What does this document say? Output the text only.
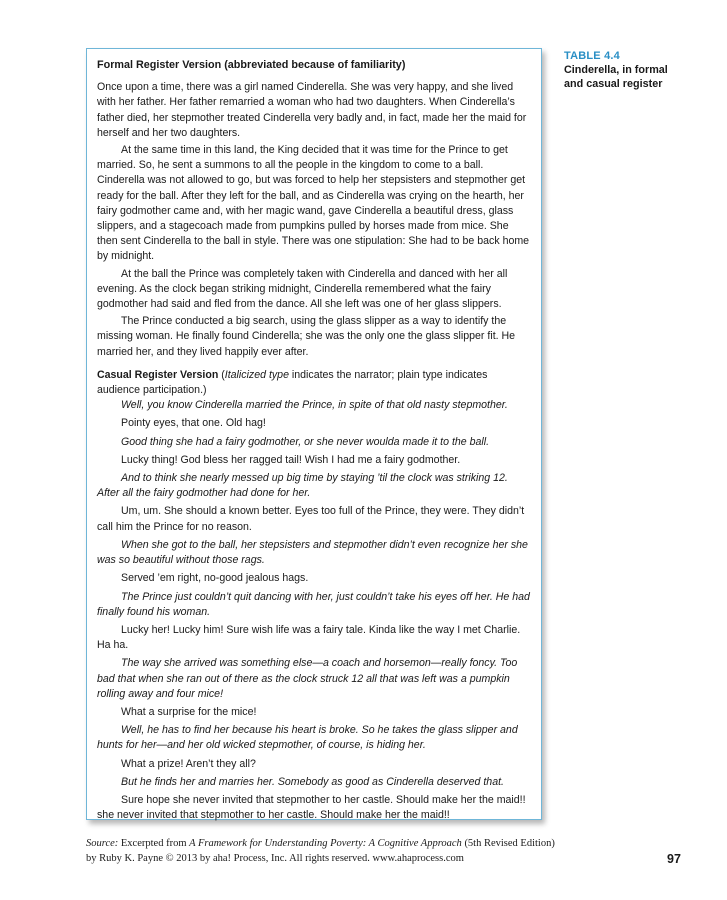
Formal Register Version (abbreviated because of familiarity)

Once upon a time, there was a girl named Cinderella. She was very happy, and she lived with her father. Her father remarried a woman who had two daughters. When Cinderella’s father died, her stepmother treated Cinderella very badly and, in fact, made her the maid for herself and her two daughters.

At the same time in this land, the King decided that it was time for the Prince to get married. So, he sent a summons to all the people in the kingdom to come to a ball. Cinderella was not allowed to go, but was forced to help her stepsisters and stepmother get ready for the ball. After they left for the ball, and as Cinderella was crying on the hearth, her fairy godmother came and, with her magic wand, gave Cinderella a beautiful dress, glass slippers, and a stagecoach made from pumpkins pulled by horses made from mice. She then sent Cinderella to the ball in style. There was one stipulation: She had to be back home by midnight.

At the ball the Prince was completely taken with Cinderella and danced with her all evening. As the clock began striking midnight, Cinderella remembered what the fairy godmother had said and fled from the dance. All she left was one of her glass slippers.

The Prince conducted a big search, using the glass slipper as a way to identify the missing woman. He finally found Cinderella; she was the only one the glass slipper fit. He married her, and they lived happily ever after.

Casual Register Version (Italicized type indicates the narrator; plain type indicates audience participation.)

Well, you know Cinderella married the Prince, in spite of that old nasty stepmother.

Pointy eyes, that one. Old hag!

Good thing she had a fairy godmother, or she never woulda made it to the ball.

Lucky thing! God bless her ragged tail! Wish I had me a fairy godmother.

And to think she nearly messed up big time by staying ’til the clock was striking 12. After all the fairy godmother had done for her.

Um, um. She should a known better. Eyes too full of the Prince, they were. They didn’t call him the Prince for no reason.

When she got to the ball, her stepsisters and stepmother didn’t even recognize her she was so beautiful without those rags.

Served ’em right, no-good jealous hags.

The Prince just couldn’t quit dancing with her, just couldn’t take his eyes off her. He had finally found his woman.

Lucky her! Lucky him! Sure wish life was a fairy tale. Kinda like the way I met Charlie. Ha ha.

The way she arrived was something else—a coach and horsemon—really foncy. Too bad that when she ran out of there as the clock struck 12 all that was left was a pumpkin rolling away and four mice!

What a surprise for the mice!

Well, he has to find her because his heart is broke. So he takes the glass slipper and hunts for her—and her old wicked stepmother, of course, is hiding her.

What a prize! Aren’t they all?

But he finds her and marries her. Somebody as good as Cinderella deserved that.

Sure hope she never invited that stepmother to her castle. Should make her the maid!! she never invited that stepmother to her castle. Should make her the maid!!

TABLE 4.4
Cinderella, in formal
and casual register
Source: Excerpted from A Framework for Understanding Poverty: A Cognitive Approach (5th Revised Edition) by Ruby K. Payne © 2013 by aha! Process, Inc. All rights reserved. www.ahaprocess.com	97
